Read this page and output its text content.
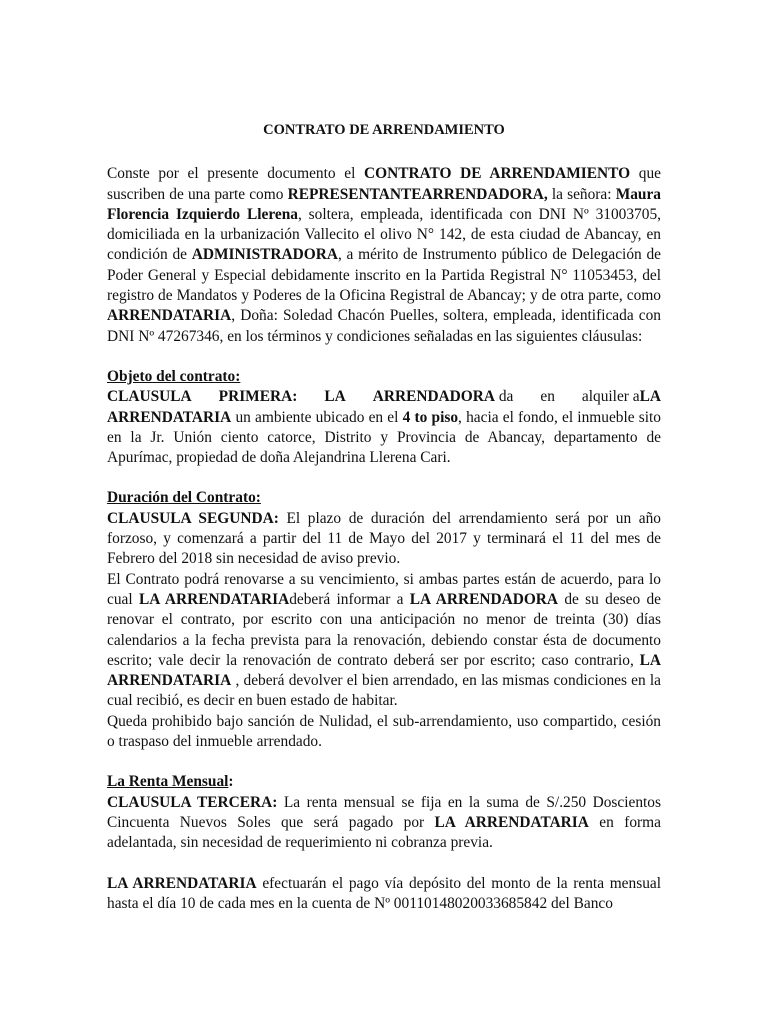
CONTRATO DE ARRENDAMIENTO

Conste por el presente documento el CONTRATO DE ARRENDAMIENTO que suscriben de una parte como REPRESENTANTEARRENDADORA, la señora: Maura Florencia Izquierdo Llerena, soltera, empleada, identificada con DNI Nº 31003705, domiciliada en la urbanización Vallecito el olivo N° 142, de esta ciudad de Abancay, en condición de ADMINISTRADORA, a mérito de Instrumento público de Delegación de Poder General y Especial debidamente inscrito en la Partida Registral N° 11053453, del registro de Mandatos y Poderes de la Oficina Registral de Abancay; y de otra parte, como ARRENDATARIA, Doña: Soledad Chacón Puelles, soltera, empleada, identificada con DNI Nº 47267346, en los términos y condiciones señaladas en las siguientes cláusulas:

Objeto del contrato:

CLAUSULA PRIMERA: LA ARRENDADORA da en alquiler aLA

ARRENDATARIA un ambiente ubicado en el 4 to piso, hacia el fondo, el inmueble sito en la Jr. Unión ciento catorce, Distrito y Provincia de Abancay, departamento de Apurímac, propiedad de doña Alejandrina Llerena Cari.

Duración del Contrato:

CLAUSULA SEGUNDA: El plazo de duración del arrendamiento será por un año forzoso, y comenzará a partir del 11 de Mayo del 2017 y terminará el 11 del mes de Febrero del 2018 sin necesidad de aviso previo.

El Contrato podrá renovarse a su vencimiento, si ambas partes están de acuerdo, para lo cual LA ARRENDATARIAdeberá informar a LA ARRENDADORA de su deseo de renovar el contrato, por escrito con una anticipación no menor de treinta (30) días calendarios a la fecha prevista para la renovación, debiendo constar ésta de documento escrito; vale decir la renovación de contrato deberá ser por escrito; caso contrario, LA ARRENDATARIA , deberá devolver el bien arrendado, en las mismas condiciones en la cual recibió, es decir en buen estado de habitar.

Queda prohibido bajo sanción de Nulidad, el sub-arrendamiento, uso compartido, cesión o traspaso del inmueble arrendado.

La Renta Mensual:

CLAUSULA TERCERA: La renta mensual se fija en la suma de S/.250 Doscientos Cincuenta Nuevos Soles que será pagado por LA ARRENDATARIA en forma adelantada, sin necesidad de requerimiento ni cobranza previa.

LA ARRENDATARIA efectuarán el pago vía depósito del monto de la renta mensual hasta el día 10 de cada mes en la cuenta de Nº 00110148020033685842 del Banco
